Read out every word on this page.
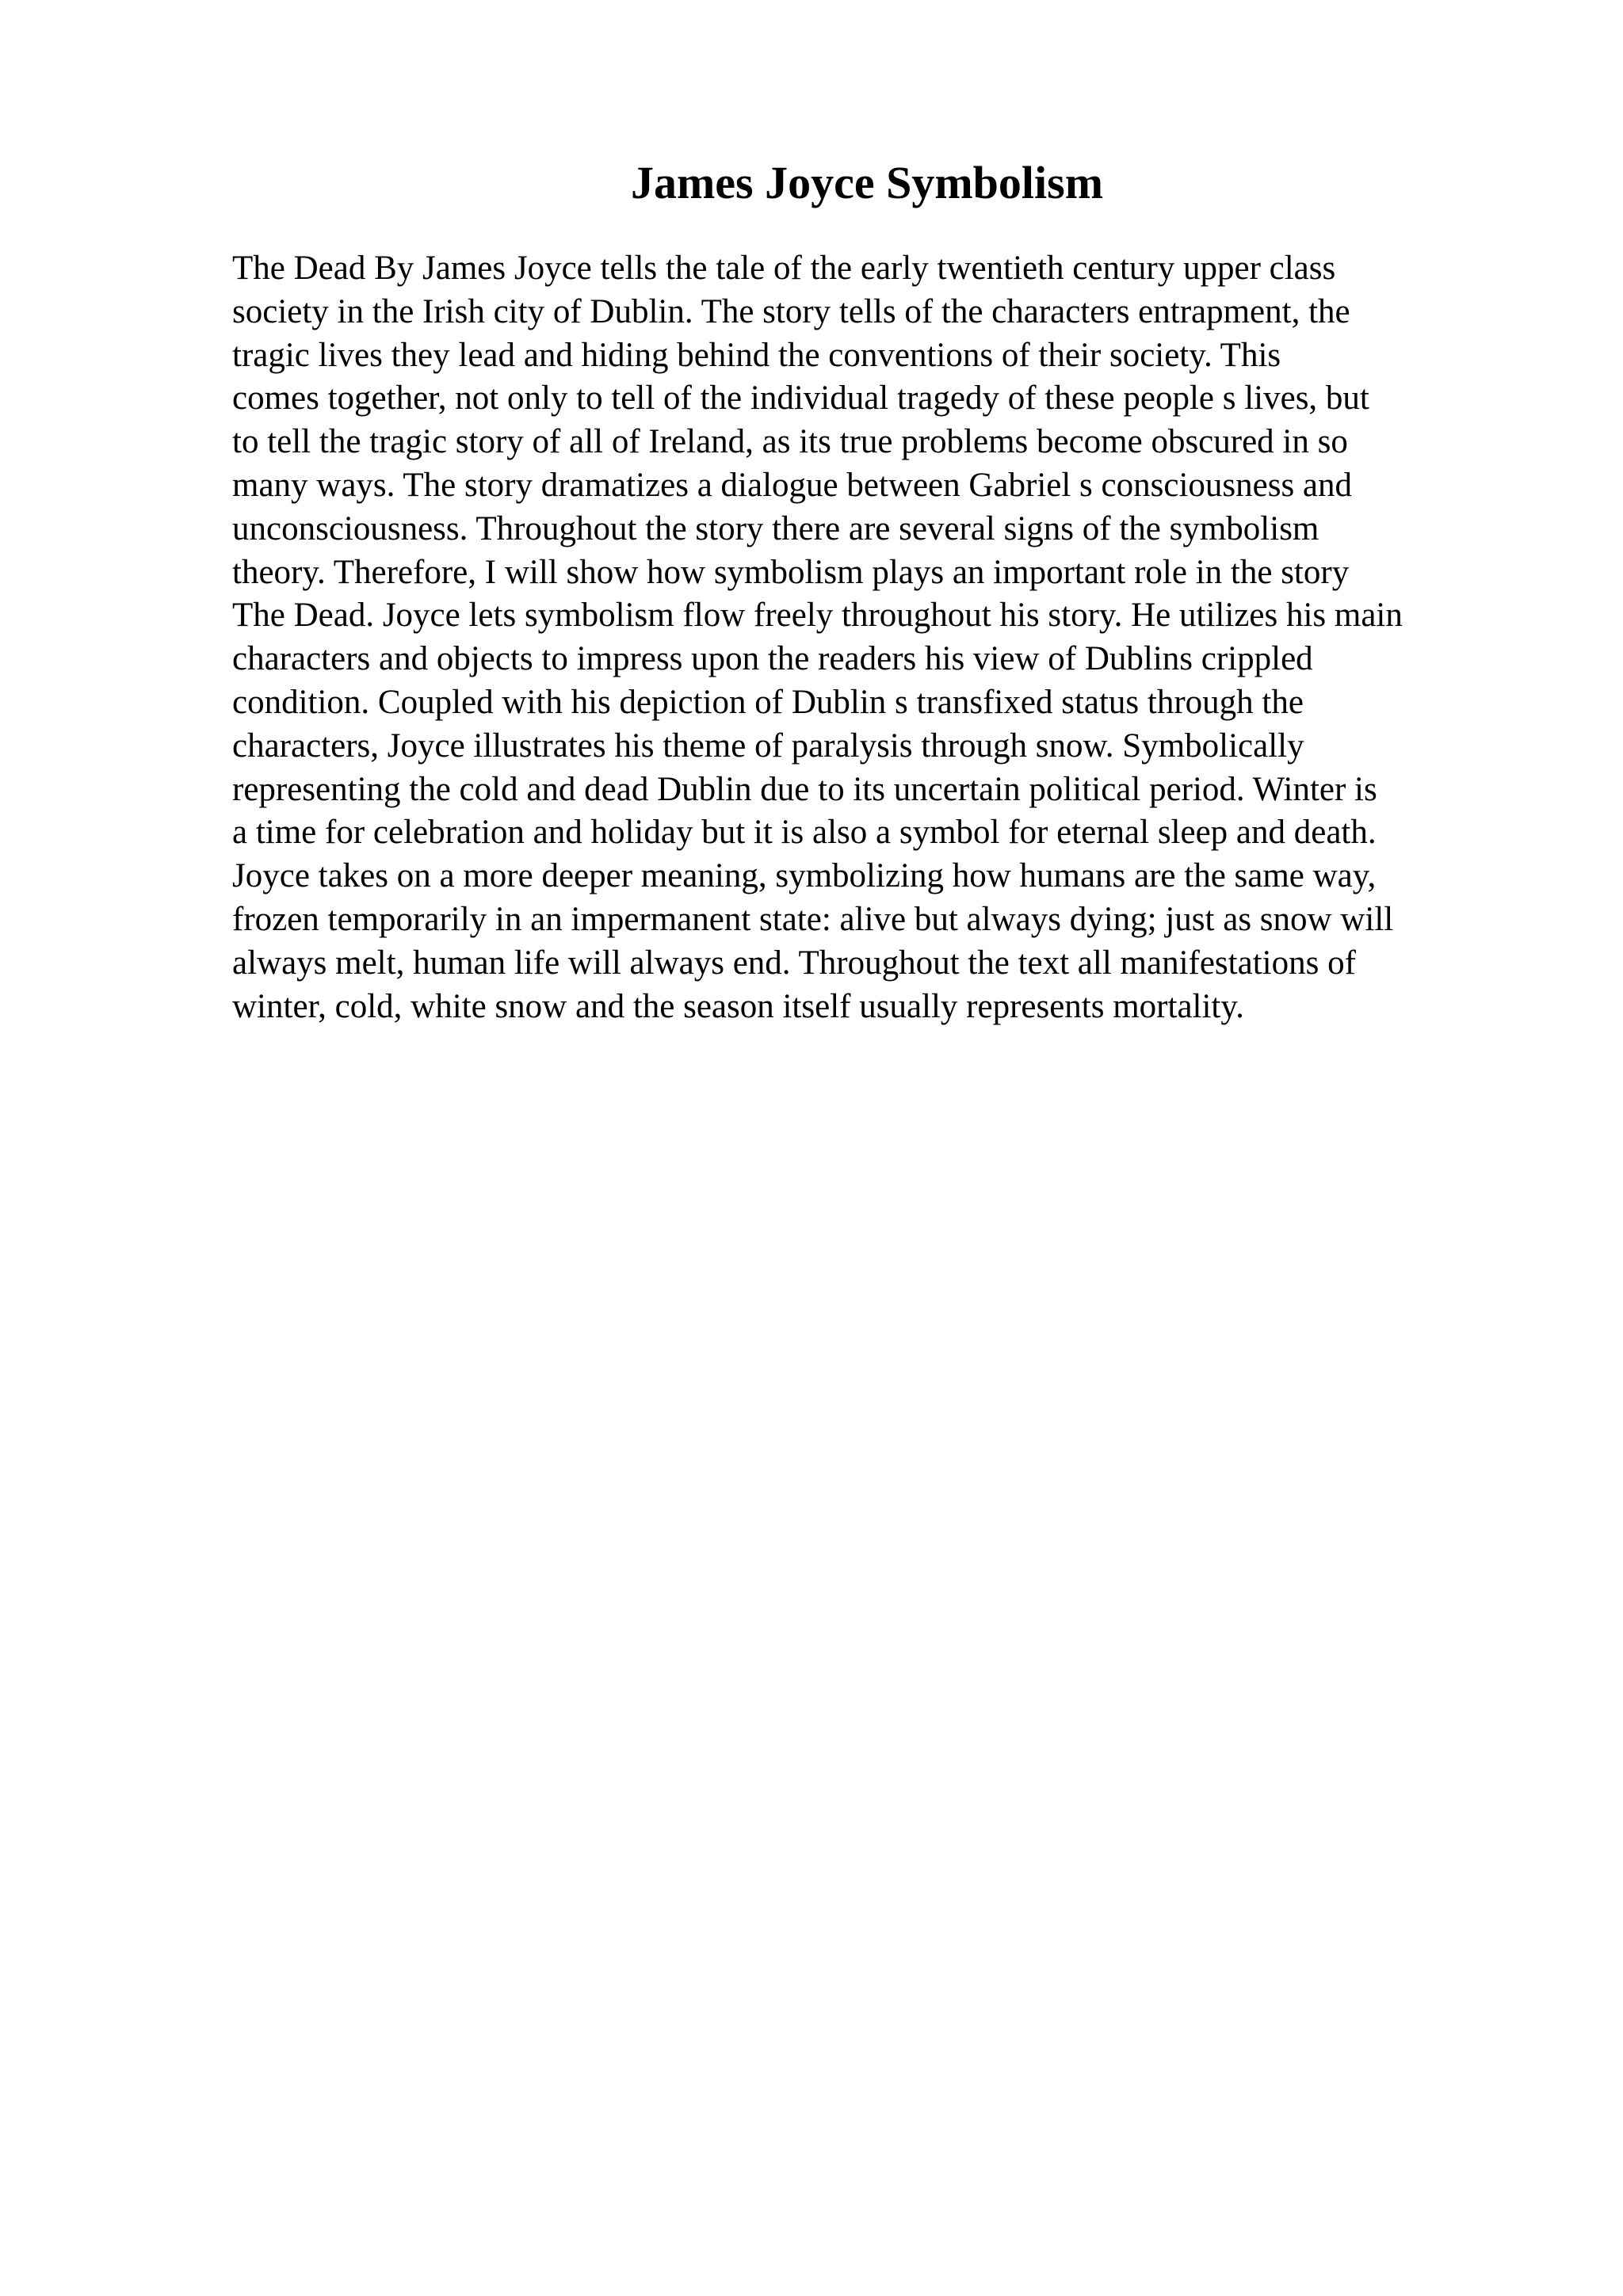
James Joyce Symbolism
The Dead By James Joyce tells the tale of the early twentieth century upper class
society in the Irish city of Dublin. The story tells of the characters entrapment, the
tragic lives they lead and hiding behind the conventions of their society. This
comes together, not only to tell of the individual tragedy of these people s lives, but
to tell the tragic story of all of Ireland, as its true problems become obscured in so
many ways. The story dramatizes a dialogue between Gabriel s consciousness and
unconsciousness. Throughout the story there are several signs of the symbolism
theory. Therefore, I will show how symbolism plays an important role in the story
The Dead. Joyce lets symbolism flow freely throughout his story. He utilizes his main
characters and objects to impress upon the readers his view of Dublins crippled
condition. Coupled with his depiction of Dublin s transfixed status through the
characters, Joyce illustrates his theme of paralysis through snow. Symbolically
representing the cold and dead Dublin due to its uncertain political period. Winter is
a time for celebration and holiday but it is also a symbol for eternal sleep and death.
Joyce takes on a more deeper meaning, symbolizing how humans are the same way,
frozen temporarily in an impermanent state: alive but always dying; just as snow will
always melt, human life will always end. Throughout the text all manifestations of
winter, cold, white snow and the season itself usually represents mortality.
